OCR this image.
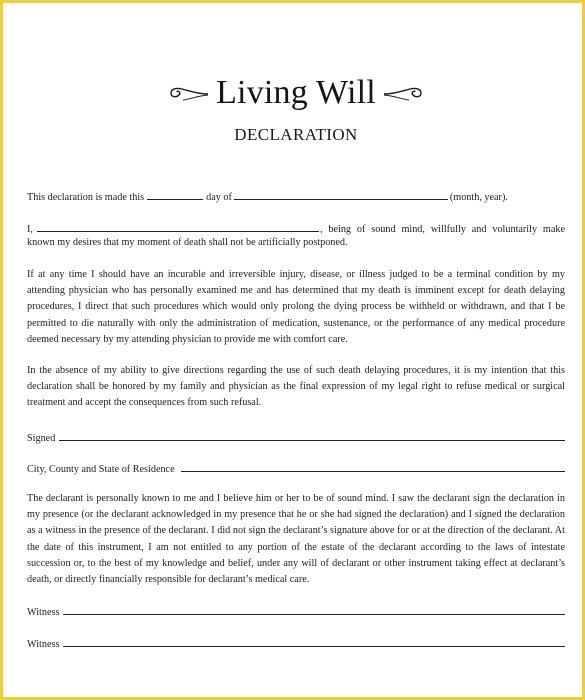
Living Will
DECLARATION
This declaration is made this	day of	(month, year).
I,	, being of sound mind, willfully and voluntarily make
known my desires that my moment of death shall not be artificially postponed.
If at any time I should have an incurable and irreversible injury, disease, or illness judged to be a terminal condition by my attending physician who has personally examined me and has determined that my death is imminent except for death delaying procedures, I direct that such procedures which would only prolong the dying process be withheld or withdrawn, and that I be permitted to die naturally with only the administration of medication, sustenance, or the performance of any medical procedure deemed necessary by my attending physician to provide me with comfort care.
In the absence of my ability to give directions regarding the use of such death delaying procedures, it is my intention that this declaration shall be honored by my family and physician as the final expression of my legal right to refuse medical or surgical treatment and accept the consequences from such refusal.
Signed
City, County and State of Residence
The declarant is personally known to me and I believe him or her to be of sound mind. I saw the declarant sign the declaration in my presence (or the declarant acknowledged in my presence that he or she had signed the declaration) and I signed the declaration as a witness in the presence of the declarant. I did not sign the declarant’s signature above for or at the direction of the declarant. At the date of this instrument, I am not entitled to any portion of the estate of the declarant according to the laws of intestate succession or, to the best of my knowledge and belief, under any will of declarant or other instrument taking effect at declarant’s death, or directly financially responsible for declarant’s medical care.
Witness
Witness
